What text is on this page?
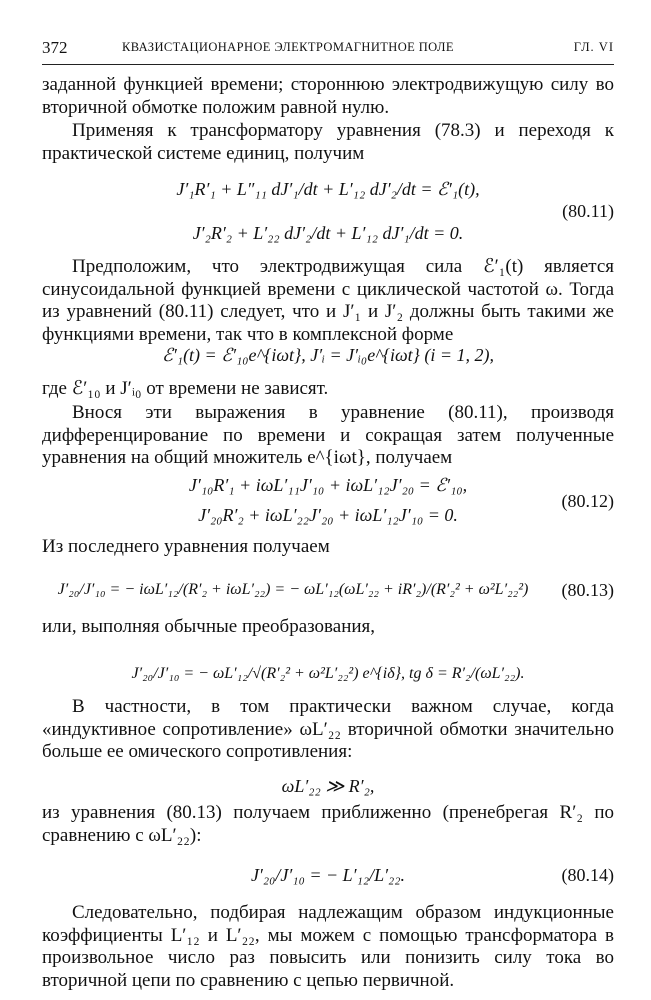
372	КВАЗИСТАЦИОНАРНОЕ ЭЛЕКТРОМАГНИТНОЕ ПОЛЕ	ГЛ. VI

заданной функцией времени; стороннюю электродвижущую силу во вторичной обмотке положим равной нулю.

Применяя к трансформатору уравнения (78.3) и переходя к практической системе единиц, получим

J′₁R′₁ + L″₁₁ dJ′₁/dt + L′₁₂ dJ′₂/dt = ℰ′₁(t),
J′₂R′₂ + L′₂₂ dJ′₂/dt + L′₁₂ dJ′₁/dt = 0.
(80.11)

Предположим, что электродвижущая сила ℰ′₁(t) является синусоидальной функцией времени с циклической частотой ω. Тогда из уравнений (80.11) следует, что и J′₁ и J′₂ должны быть такими же функциями времени, так что в комплексной форме

ℰ′₁(t) = ℰ′₁₀e^{iωt}, J′ᵢ = J′ᵢ₀e^{iωt} (i = 1, 2),

где ℰ′₁₀ и J′ᵢ₀ от времени не зависят.

Внося эти выражения в уравнение (80.11), производя дифференцирование по времени и сокращая затем полученные уравнения на общий множитель e^{iωt}, получаем

J′₁₀R′₁ + iωL′₁₁J′₁₀ + iωL′₁₂J′₂₀ = ℰ′₁₀,
J′₂₀R′₂ + iωL′₂₂J′₂₀ + iωL′₁₂J′₁₀ = 0.
(80.12)

Из последнего уравнения получаем

J′₂₀/J′₁₀ = − iωL′₁₂/(R′₂ + iωL′₂₂) = − ωL′₁₂(ωL′₂₂ + iR′₂)/(R′₂² + ω²L′₂₂²) (80.13)

или, выполняя обычные преобразования,

J′₂₀/J′₁₀ = − ωL′₁₂/√(R′₂² + ω²L′₂₂²) e^{iδ}, tg δ = R′₂/(ωL′₂₂).

В частности, в том практически важном случае, когда «индуктивное сопротивление» ωL′₂₂ вторичной обмотки значительно больше ее омического сопротивления:

ωL′₂₂ ≫ R′₂,

из уравнения (80.13) получаем приближенно (пренебрегая R′₂ по сравнению с ωL′₂₂):

J′₂₀/J′₁₀ = − L′₁₂/L′₂₂.	(80.14)

Следовательно, подбирая надлежащим образом индукционные коэффициенты L′₁₂ и L′₂₂, мы можем с помощью трансформатора в произвольное число раз повысить или понизить силу тока во вторичной цепи по сравнению с цепью первичной.
